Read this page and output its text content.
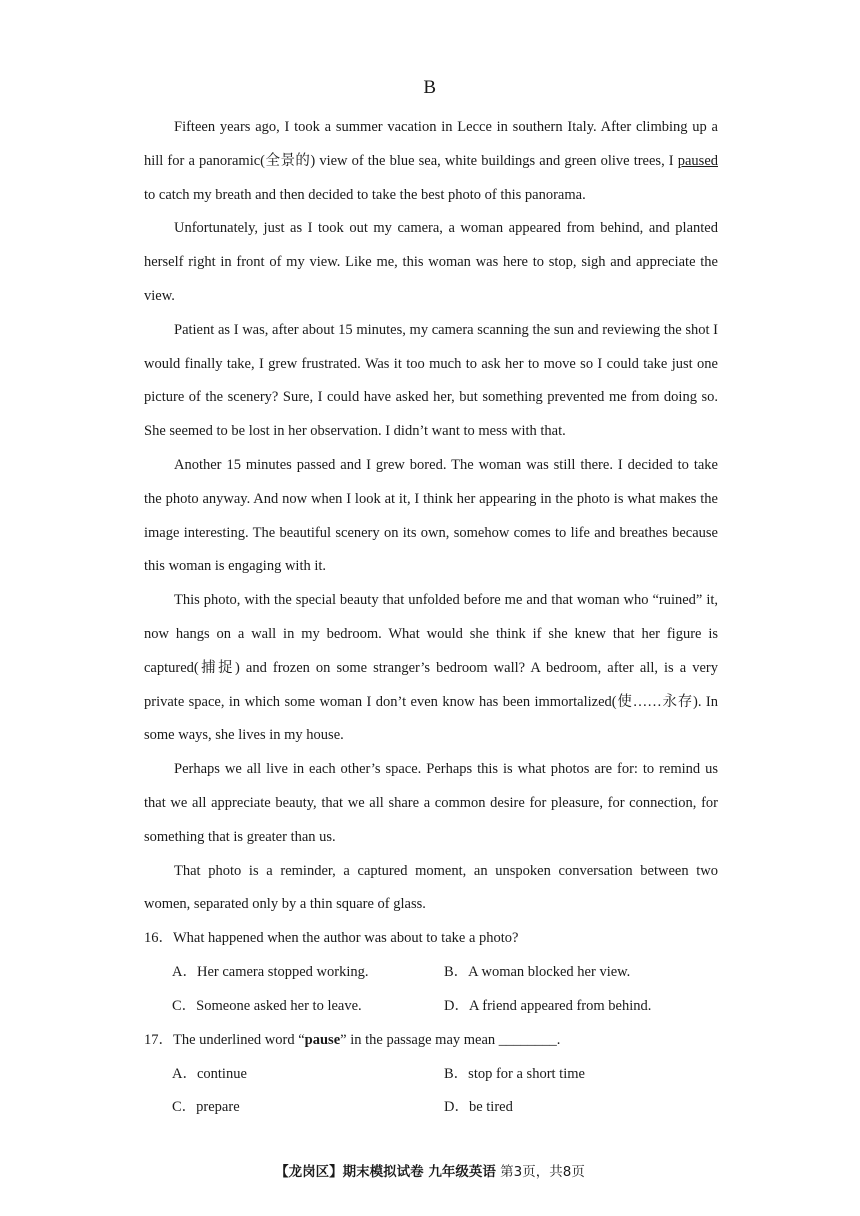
B

Fifteen years ago, I took a summer vacation in Lecce in southern Italy. After climbing up a hill for a panoramic(全景的) view of the blue sea, white buildings and green olive trees, I paused to catch my breath and then decided to take the best photo of this panorama.

Unfortunately, just as I took out my camera, a woman appeared from behind, and planted herself right in front of my view. Like me, this woman was here to stop, sigh and appreciate the view.

Patient as I was, after about 15 minutes, my camera scanning the sun and reviewing the shot I would finally take, I grew frustrated. Was it too much to ask her to move so I could take just one picture of the scenery? Sure, I could have asked her, but something prevented me from doing so. She seemed to be lost in her observation. I didn’t want to mess with that.

Another 15 minutes passed and I grew bored. The woman was still there. I decided to take the photo anyway. And now when I look at it, I think her appearing in the photo is what makes the image interesting. The beautiful scenery on its own, somehow comes to life and breathes because this woman is engaging with it.

This photo, with the special beauty that unfolded before me and that woman who “ruined” it, now hangs on a wall in my bedroom. What would she think if she knew that her figure is captured(捕捉) and frozen on some stranger’s bedroom wall? A bedroom, after all, is a very private space, in which some woman I don’t even know has been immortalized(使……永存). In some ways, she lives in my house.

Perhaps we all live in each other’s space. Perhaps this is what photos are for: to remind us that we all appreciate beauty, that we all share a common desire for pleasure, for connection, for something that is greater than us.

That photo is a reminder, a captured moment, an unspoken conversation between two women, separated only by a thin square of glass.

16．What happened when the author was about to take a photo?
A．Her camera stopped working.	B．A woman blocked her view.
C．Someone asked her to leave.	D．A friend appeared from behind.
17．The underlined word “pause” in the passage may mean ________.
A．continue	B．stop for a short time
C．prepare	D．be tired
【龙岗区】期末模拟试卷 九年级英语 第3页，共8页
